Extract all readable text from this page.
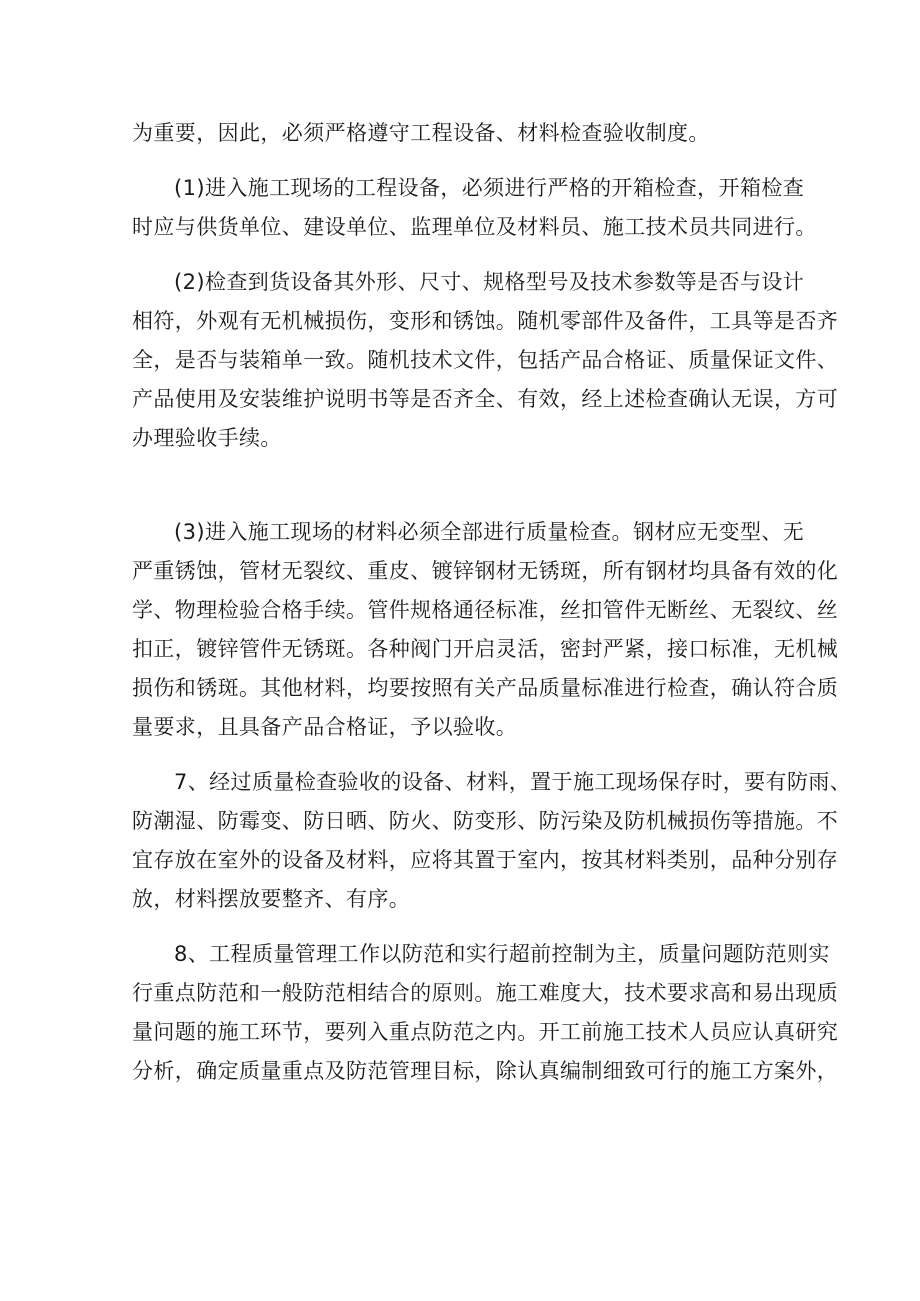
为重要，因此，必须严格遵守工程设备、材料检查验收制度。
(1)进入施工现场的工程设备，必须进行严格的开箱检查，开箱检查
时应与供货单位、建设单位、监理单位及材料员、施工技术员共同进行。
(2)检查到货设备其外形、尺寸、规格型号及技术参数等是否与设计
相符，外观有无机械损伤，变形和锈蚀。随机零部件及备件，工具等是否齐
全，是否与装箱单一致。随机技术文件，包括产品合格证、质量保证文件、
产品使用及安装维护说明书等是否齐全、有效，经上述检查确认无误，方可
办理验收手续。
(3)进入施工现场的材料必须全部进行质量检查。钢材应无变型、无
严重锈蚀，管材无裂纹、重皮、镀锌钢材无锈斑，所有钢材均具备有效的化
学、物理检验合格手续。管件规格通径标准，丝扣管件无断丝、无裂纹、丝
扣正，镀锌管件无锈斑。各种阀门开启灵活，密封严紧，接口标准，无机械
损伤和锈斑。其他材料，均要按照有关产品质量标准进行检查，确认符合质
量要求，且具备产品合格证，予以验收。
7、经过质量检查验收的设备、材料，置于施工现场保存时，要有防雨、
防潮湿、防霉变、防日晒、防火、防变形、防污染及防机械损伤等措施。不
宜存放在室外的设备及材料，应将其置于室内，按其材料类别，品种分别存
放，材料摆放要整齐、有序。
8、工程质量管理工作以防范和实行超前控制为主，质量问题防范则实
行重点防范和一般防范相结合的原则。施工难度大，技术要求高和易出现质
量问题的施工环节，要列入重点防范之内。开工前施工技术人员应认真研究
分析，确定质量重点及防范管理目标，除认真编制细致可行的施工方案外，
